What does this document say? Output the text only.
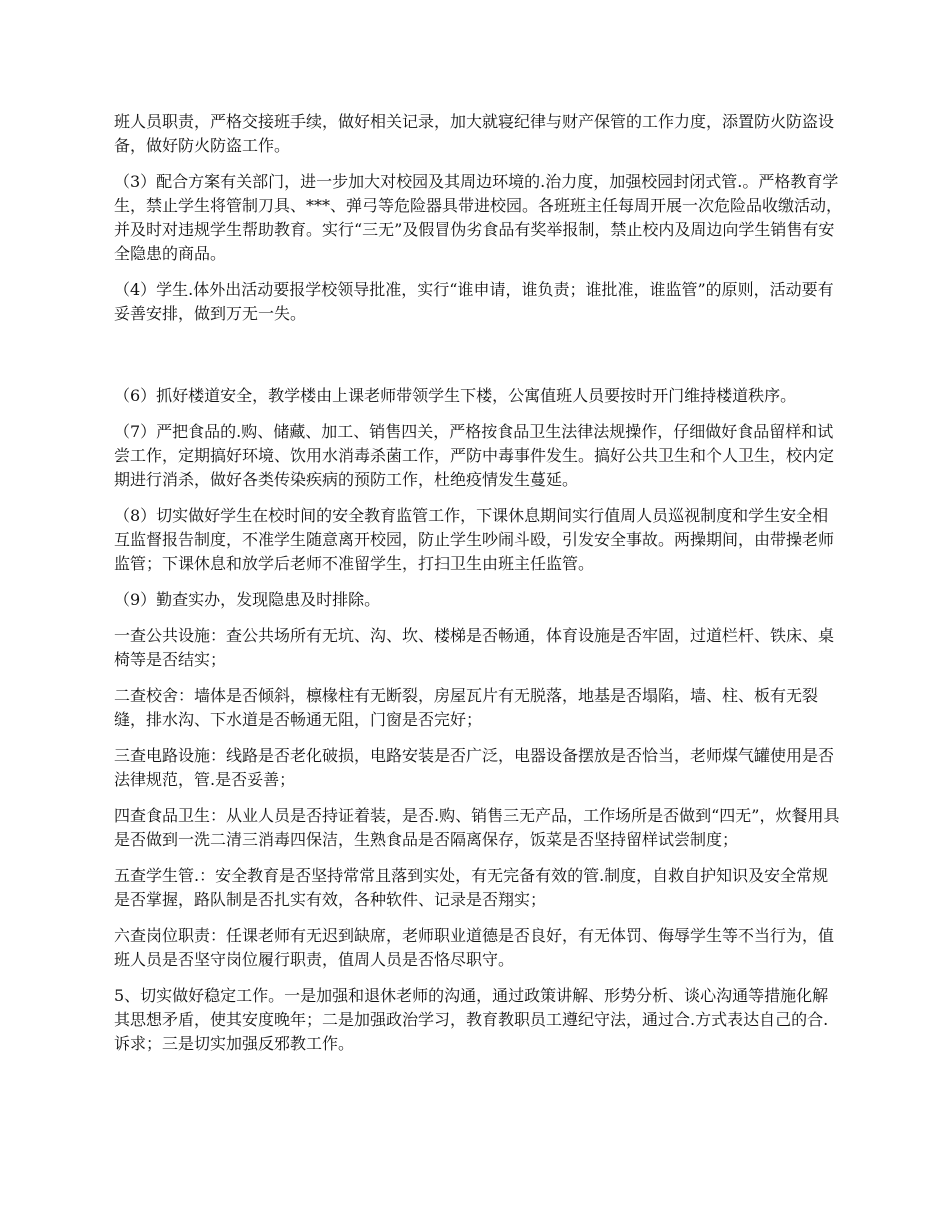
班人员职责，严格交接班手续，做好相关记录，加大就寝纪律与财产保管的工作力度，添置防火防盗设备，做好防火防盗工作。

（3）配合方案有关部门，进一步加大对校园及其周边环境的.治力度，加强校园封闭式管.。严格教育学生，禁止学生将管制刀具、***、弹弓等危险器具带进校园。各班班主任每周开展一次危险品收缴活动，并及时对违规学生帮助教育。实行“三无”及假冒伪劣食品有奖举报制，禁止校内及周边向学生销售有安全隐患的商品。

（4）学生.体外出活动要报学校领导批准，实行“谁申请，谁负责；谁批准，谁监管”的原则，活动要有妥善安排，做到万无一失。

（6）抓好楼道安全，教学楼由上课老师带领学生下楼，公寓值班人员要按时开门维持楼道秩序。

（7）严把食品的.购、储藏、加工、销售四关，严格按食品卫生法律法规操作，仔细做好食品留样和试尝工作，定期搞好环境、饮用水消毒杀菌工作，严防中毒事件发生。搞好公共卫生和个人卫生，校内定期进行消杀，做好各类传染疾病的预防工作，杜绝疫情发生蔓延。

（8）切实做好学生在校时间的安全教育监管工作，下课休息期间实行值周人员巡视制度和学生安全相互监督报告制度，不准学生随意离开校园，防止学生吵闹斗殴，引发安全事故。两操期间，由带操老师监管；下课休息和放学后老师不准留学生，打扫卫生由班主任监管。

（9）勤查实办，发现隐患及时排除。

一查公共设施：查公共场所有无坑、沟、坎、楼梯是否畅通，体育设施是否牢固，过道栏杆、铁床、桌椅等是否结实；

二查校舍：墙体是否倾斜，檩椽柱有无断裂，房屋瓦片有无脱落，地基是否塌陷，墙、柱、板有无裂缝，排水沟、下水道是否畅通无阻，门窗是否完好；

三查电路设施：线路是否老化破损，电路安装是否广泛，电器设备摆放是否恰当，老师煤气罐使用是否法律规范，管.是否妥善；

四查食品卫生：从业人员是否持证着装，是否.购、销售三无产品，工作场所是否做到“四无”，炊餐用具是否做到一洗二清三消毒四保洁，生熟食品是否隔离保存，饭菜是否坚持留样试尝制度；

五查学生管.：安全教育是否坚持常常且落到实处，有无完备有效的管.制度，自救自护知识及安全常规是否掌握，路队制是否扎实有效，各种软件、记录是否翔实；

六查岗位职责：任课老师有无迟到缺席，老师职业道德是否良好，有无体罚、侮辱学生等不当行为，值班人员是否坚守岗位履行职责，值周人员是否恪尽职守。

5、切实做好稳定工作。一是加强和退休老师的沟通，通过政策讲解、形势分析、谈心沟通等措施化解其思想矛盾，使其安度晚年；二是加强政治学习，教育教职员工遵纪守法，通过合.方式表达自己的合.诉求；三是切实加强反邪教工作。
